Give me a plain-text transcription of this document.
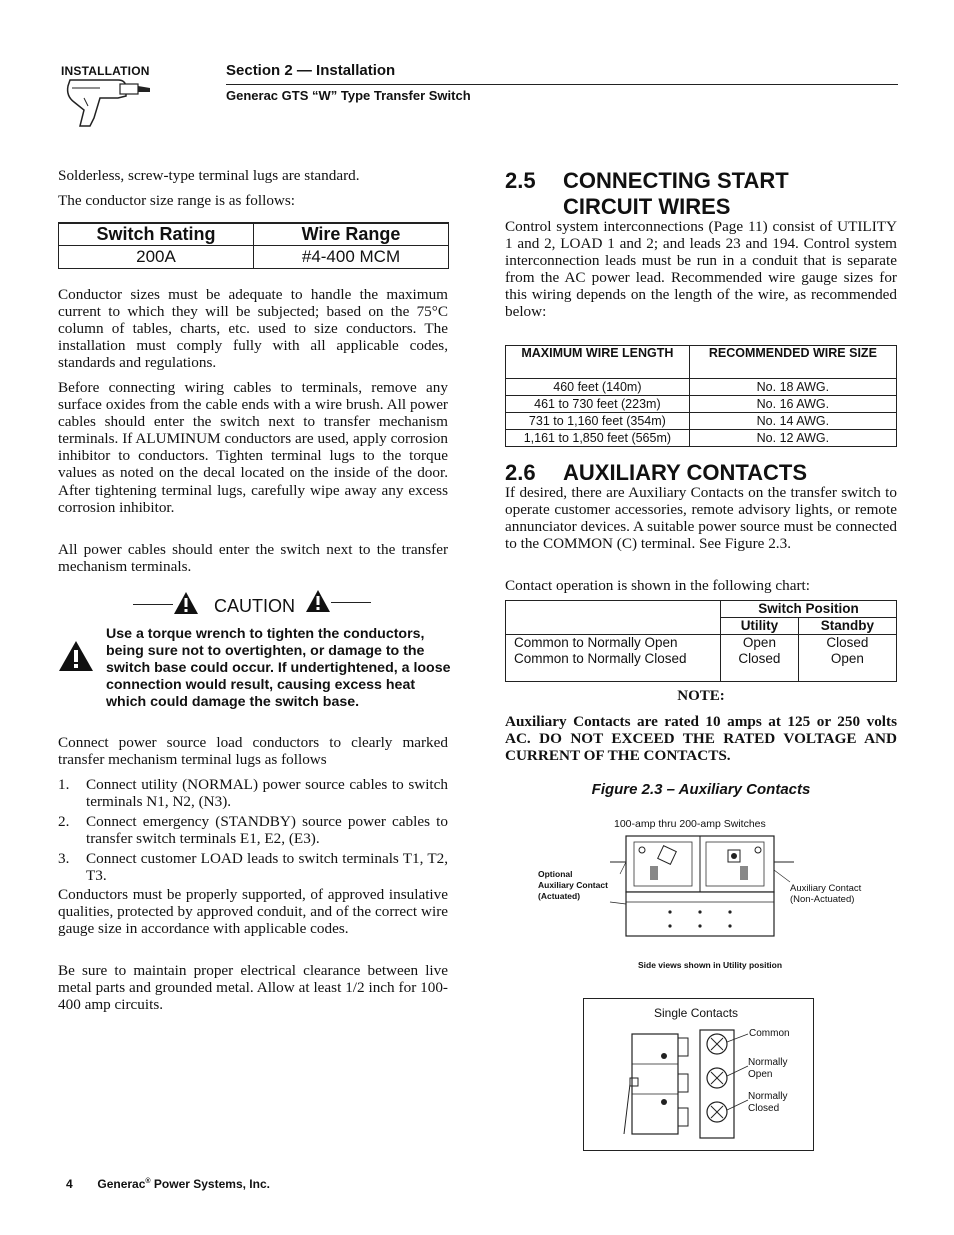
INSTALLATION	Section 2 — Installation
Generac GTS “W” Type Transfer Switch

Solderless, screw-type terminal lugs are standard.

The conductor size range is as follows:

Switch Rating	Wire Range
200A	#4-400 MCM

Conductor sizes must be adequate to handle the maximum current to which they will be subjected; based on the 75°C column of tables, charts, etc. used to size conductors. The installation must comply fully with all applicable codes, standards and regulations.

Before connecting wiring cables to terminals, remove any surface oxides from the cable ends with a wire brush. All power cables should enter the switch next to transfer mechanism terminals. If ALUMINUM conductors are used, apply corrosion inhibitor to conductors. Tighten terminal lugs to the torque values as noted on the decal located on the inside of the door. After tightening terminal lugs, carefully wipe away any excess corrosion inhibitor.

All power cables should enter the switch next to the transfer mechanism terminals.

CAUTION

Use a torque wrench to tighten the conductors, being sure not to overtighten, or damage to the switch base could occur. If undertightened, a loose connection would result, causing excess heat which could damage the switch base.

Connect power source load conductors to clearly marked transfer mechanism terminal lugs as follows

1. Connect utility (NORMAL) power source cables to switch terminals N1, N2, (N3).
2. Connect emergency (STANDBY) source power cables to transfer switch terminals E1, E2, (E3).
3. Connect customer LOAD leads to switch terminals T1, T2, T3.

Conductors must be properly supported, of approved insulative qualities, protected by approved conduit, and of the correct wire gauge size in accordance with applicable codes.

Be sure to maintain proper electrical clearance between live metal parts and grounded metal. Allow at least 1/2 inch for 100-400 amp circuits.

2.5	CONNECTING START CIRCUIT WIRES

Control system interconnections (Page 11) consist of UTILITY 1 and 2, LOAD 1 and 2; and leads 23 and 194. Control system interconnection leads must be run in a conduit that is separate from the AC power lead. Recommended wire gauge sizes for this wiring depends on the length of the wire, as recommended below:

MAXIMUM WIRE LENGTH	RECOMMENDED WIRE SIZE
460 feet (140m)	No. 18 AWG.
461 to 730 feet (223m)	No. 16 AWG.
731 to 1,160 feet (354m)	No. 14 AWG.
1,161 to 1,850 feet (565m)	No. 12 AWG.
2.6 AUXILIARY CONTACTS

If desired, there are Auxiliary Contacts on the transfer switch to operate customer accessories, remote advisory lights, or remote annunciator devices. A suitable power source must be connected to the COMMON (C) terminal. See Figure 2.3.

Contact operation is shown in the following chart:

	Switch Position	
	Utility	Standby
Common to Normally Open	Open	Closed
Common to Normally Closed	Closed	Open
NOTE:

Auxiliary Contacts are rated 10 amps at 125 or 250 volts AC. DO NOT EXCEED THE RATED VOLTAGE AND CURRENT OF THE CONTACTS.

Figure 2.3 – Auxiliary Contacts
100-amp thru 200-amp Switches
Optional
Auxiliary Contact
(Actuated)
Auxiliary Contact
(Non-Actuated)
Side views shown in Utility position
Single Contacts
Common
Normally
Open
Normally
Closed
4 Generac® Power Systems, Inc.
